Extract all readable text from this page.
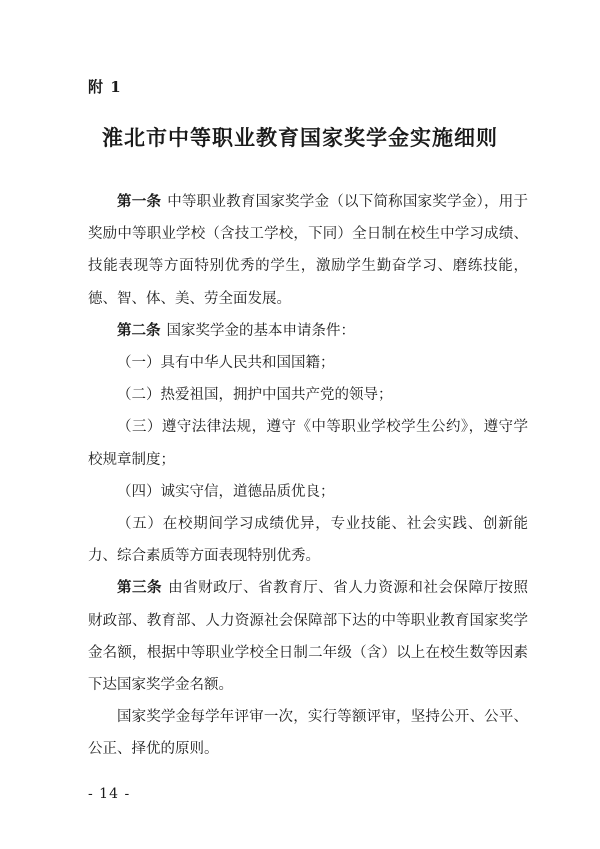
附 1
淮北市中等职业教育国家奖学金实施细则

第一条 中等职业教育国家奖学金（以下简称国家奖学金），用于奖励中等职业学校（含技工学校，下同）全日制在校生中学习成绩、技能表现等方面特别优秀的学生，激励学生勤奋学习、磨练技能，德、智、体、美、劳全面发展。

第二条 国家奖学金的基本申请条件：

（一）具有中华人民共和国国籍；

（二）热爱祖国，拥护中国共产党的领导；

（三）遵守法律法规，遵守《中等职业学校学生公约》，遵守学校规章制度；

（四）诚实守信，道德品质优良；

（五）在校期间学习成绩优异，专业技能、社会实践、创新能力、综合素质等方面表现特别优秀。

第三条 由省财政厅、省教育厅、省人力资源和社会保障厅按照财政部、教育部、人力资源社会保障部下达的中等职业教育国家奖学金名额，根据中等职业学校全日制二年级（含）以上在校生数等因素下达国家奖学金名额。

国家奖学金每学年评审一次，实行等额评审，坚持公开、公平、公正、择优的原则。

- 14 -
